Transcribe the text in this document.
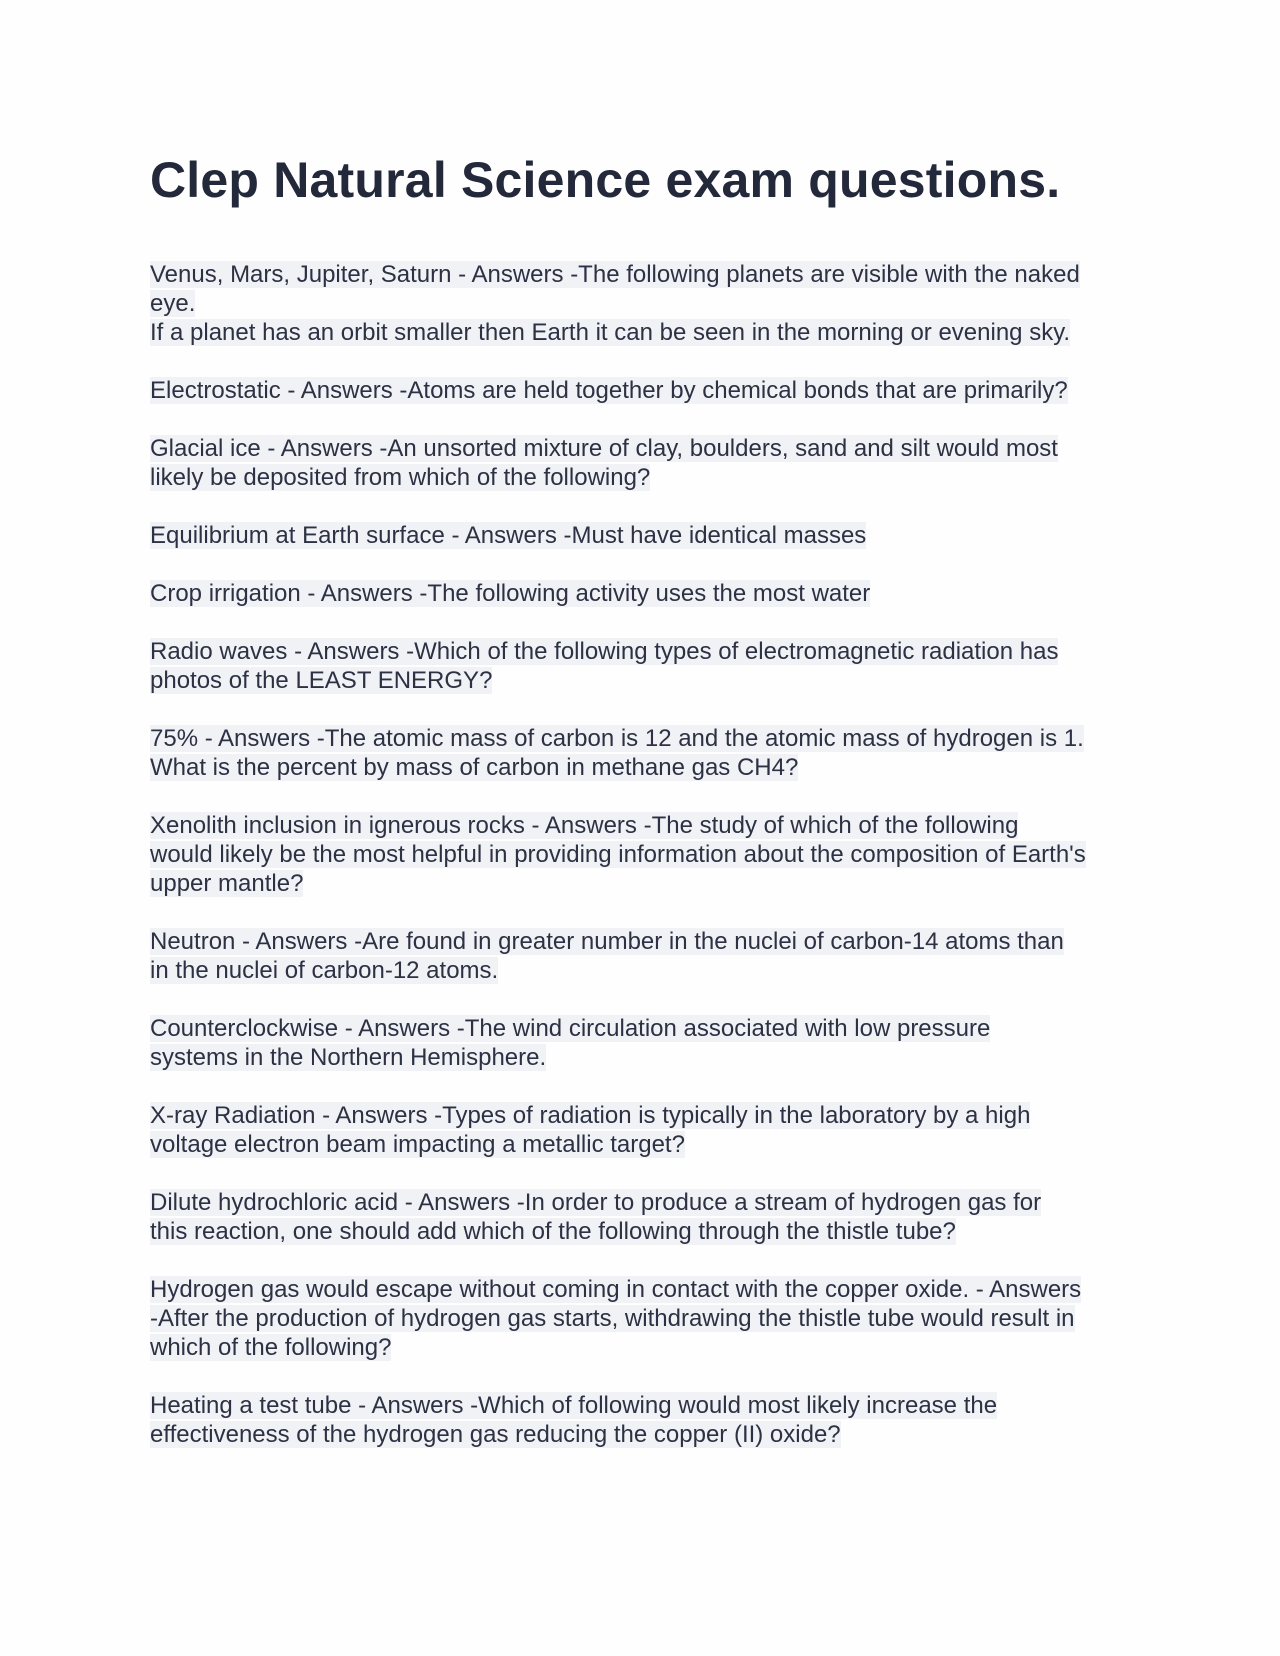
Clep Natural Science exam questions.

Venus, Mars, Jupiter, Saturn - Answers -The following planets are visible with the naked
eye.
If a planet has an orbit smaller then Earth it can be seen in the morning or evening sky.

Electrostatic - Answers -Atoms are held together by chemical bonds that are primarily?

Glacial ice - Answers -An unsorted mixture of clay, boulders, sand and silt would most
likely be deposited from which of the following?

Equilibrium at Earth surface - Answers -Must have identical masses

Crop irrigation - Answers -The following activity uses the most water

Radio waves - Answers -Which of the following types of electromagnetic radiation has
photos of the LEAST ENERGY?

75% - Answers -The atomic mass of carbon is 12 and the atomic mass of hydrogen is 1.
What is the percent by mass of carbon in methane gas CH4?

Xenolith inclusion in ignerous rocks - Answers -The study of which of the following
would likely be the most helpful in providing information about the composition of Earth's
upper mantle?

Neutron - Answers -Are found in greater number in the nuclei of carbon-14 atoms than
in the nuclei of carbon-12 atoms.

Counterclockwise - Answers -The wind circulation associated with low pressure
systems in the Northern Hemisphere.

X-ray Radiation - Answers -Types of radiation is typically in the laboratory by a high
voltage electron beam impacting a metallic target?

Dilute hydrochloric acid - Answers -In order to produce a stream of hydrogen gas for
this reaction, one should add which of the following through the thistle tube?

Hydrogen gas would escape without coming in contact with the copper oxide. - Answers
-After the production of hydrogen gas starts, withdrawing the thistle tube would result in
which of the following?

Heating a test tube - Answers -Which of following would most likely increase the
effectiveness of the hydrogen gas reducing the copper (II) oxide?
